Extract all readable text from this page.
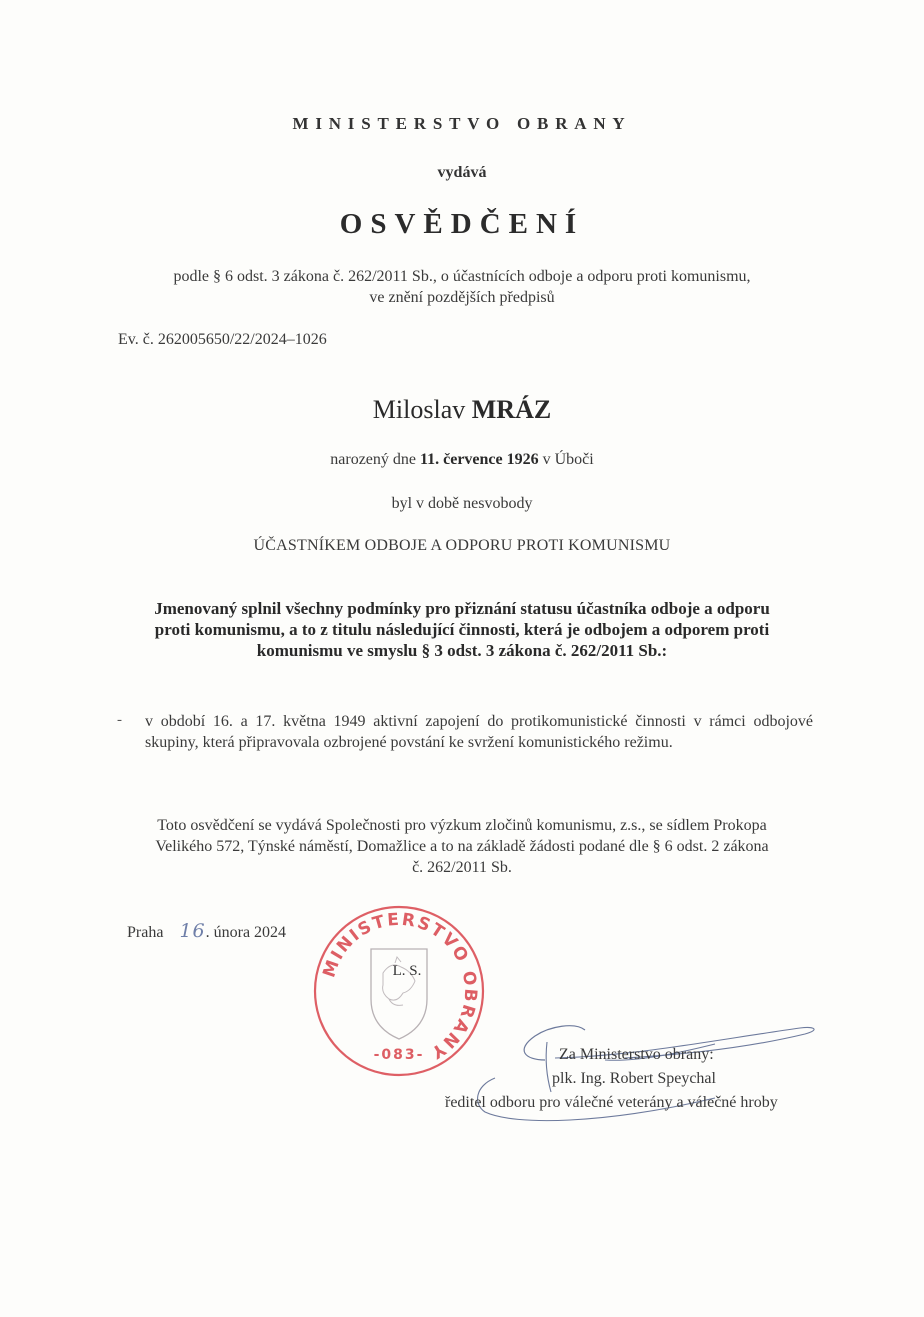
MINISTERSTVO OBRANY
vydává
OSVĚDČENÍ
podle § 6 odst. 3 zákona č. 262/2011 Sb., o účastnících odboje a odporu proti komunismu,
ve znění pozdějších předpisů
Ev. č. 262005650/22/2024–1026
Miloslav MRÁZ
narozený dne 11. července 1926 v Úboči
byl v době nesvobody
ÚČASTNÍKEM ODBOJE A ODPORU PROTI KOMUNISMU
Jmenovaný splnil všechny podmínky pro přiznání statusu účastníka odboje a odporu
proti komunismu, a to z titulu následující činnosti, která je odbojem a odporem proti
komunismu ve smyslu § 3 odst. 3 zákona č. 262/2011 Sb.:
- v období 16. a 17. května 1949 aktivní zapojení do protikomunistické činnosti v rámci odbojové skupiny, která připravovala ozbrojené povstání ke svržení komunistického režimu.
Toto osvědčení se vydává Společnosti pro výzkum zločinů komunismu, z.s., se sídlem Prokopa
Velikého 572, Týnské náměstí, Domažlice a to na základě žádosti podané dle § 6 odst. 2 zákona
č. 262/2011 Sb.
Praha 16. února 2024
MINISTERSTVO OBRANY
L. S.
-083-	Za Ministerstvo obrany:
plk. Ing. Robert Speychal
ředitel odboru pro válečné veterány a válečné hroby
